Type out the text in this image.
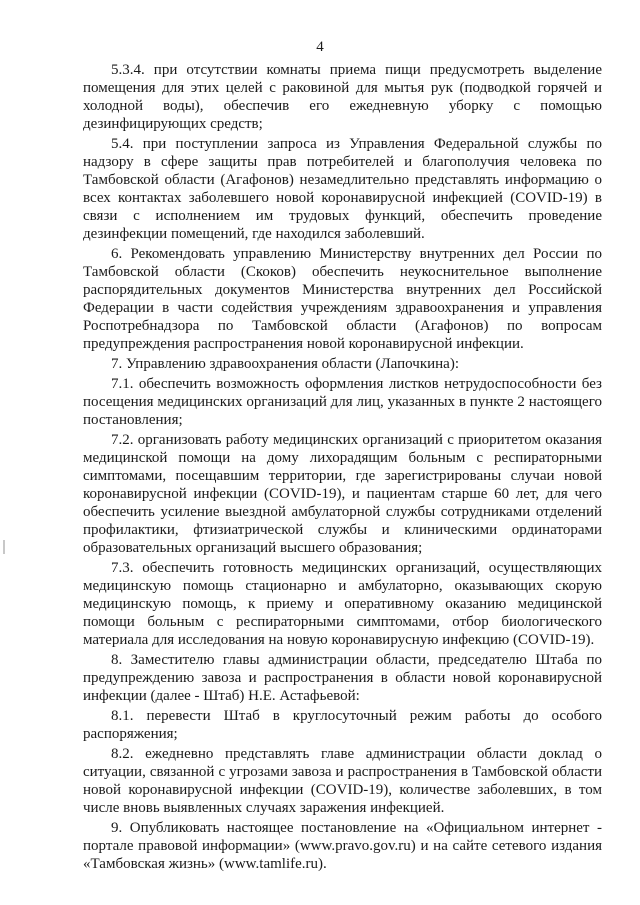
4

5.3.4. при отсутствии комнаты приема пищи предусмотреть выделение помещения для этих целей с раковиной для мытья рук (подводкой горячей и холодной воды), обеспечив его ежедневную уборку с помощью дезинфицирующих средств;

5.4. при поступлении запроса из Управления Федеральной службы по надзору в сфере защиты прав потребителей и благополучия человека по Тамбовской области (Агафонов) незамедлительно представлять информацию о всех контактах заболевшего новой коронавирусной инфекцией (COVID-19) в связи с исполнением им трудовых функций, обеспечить проведение дезинфекции помещений, где находился заболевший.

6. Рекомендовать управлению Министерству внутренних дел России по Тамбовской области (Скоков) обеспечить неукоснительное выполнение распорядительных документов Министерства внутренних дел Российской Федерации в части содействия учреждениям здравоохранения и управления Роспотребнадзора по Тамбовской области (Агафонов) по вопросам предупреждения распространения новой коронавирусной инфекции.

7. Управлению здравоохранения области (Лапочкина):

7.1. обеспечить возможность оформления листков нетрудоспособности без посещения медицинских организаций для лиц, указанных в пункте 2 настоящего постановления;

7.2. организовать работу медицинских организаций с приоритетом оказания медицинской помощи на дому лихорадящим больным с респираторными симптомами, посещавшим территории, где зарегистрированы случаи новой коронавирусной инфекции (COVID-19), и пациентам старше 60 лет, для чего обеспечить усиление выездной амбулаторной службы сотрудниками отделений профилактики, фтизиатрической службы и клиническими ординаторами образовательных организаций высшего образования;

7.3. обеспечить готовность медицинских организаций, осуществляющих медицинскую помощь стационарно и амбулаторно, оказывающих скорую медицинскую помощь, к приему и оперативному оказанию медицинской помощи больным с респираторными симптомами, отбор биологического материала для исследования на новую коронавирусную инфекцию (COVID-19).

8. Заместителю главы администрации области, председателю Штаба по предупреждению завоза и распространения в области новой коронавирусной инфекции (далее - Штаб) Н.Е. Астафьевой:

8.1. перевести Штаб в круглосуточный режим работы до особого распоряжения;

8.2. ежедневно представлять главе администрации области доклад о ситуации, связанной с угрозами завоза и распространения в Тамбовской области новой коронавирусной инфекции (COVID-19), количестве заболевших, в том числе вновь выявленных случаях заражения инфекцией.

9. Опубликовать настоящее постановление на «Официальном интернет - портале правовой информации» (www.pravo.gov.ru) и на сайте сетевого издания «Тамбовская жизнь» (www.tamlife.ru).
